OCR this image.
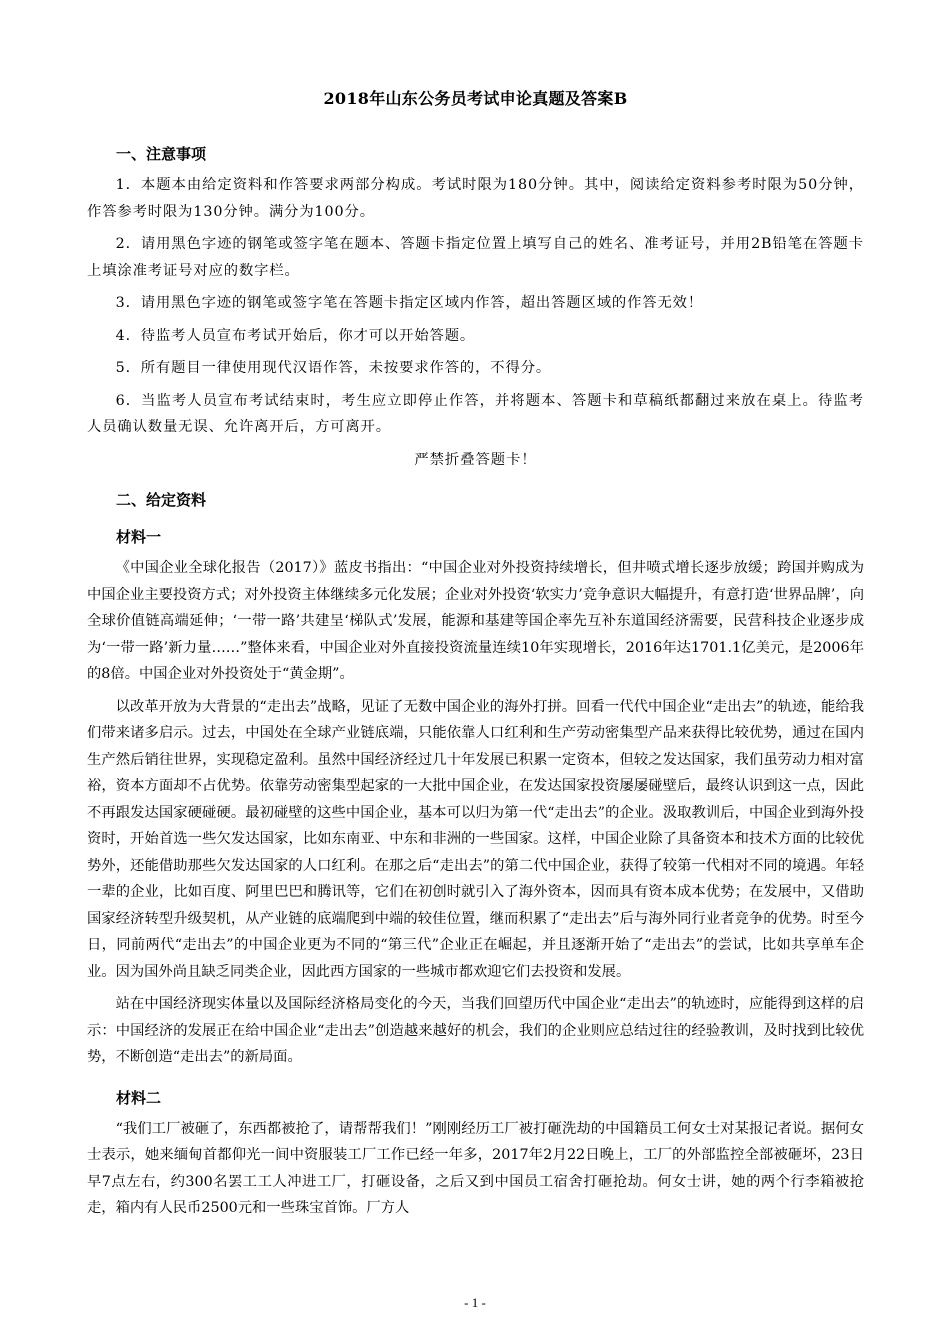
2018年山东公务员考试申论真题及答案B
一、注意事项

1．本题本由给定资料和作答要求两部分构成。考试时限为180分钟。其中，阅读给定资料参考时限为50分钟，作答参考时限为130分钟。满分为100分。

2．请用黑色字迹的钢笔或签字笔在题本、答题卡指定位置上填写自己的姓名、准考证号，并用2B铅笔在答题卡上填涂准考证号对应的数字栏。

3．请用黑色字迹的钢笔或签字笔在答题卡指定区域内作答，超出答题区域的作答无效！

4．待监考人员宣布考试开始后，你才可以开始答题。

5．所有题目一律使用现代汉语作答，未按要求作答的，不得分。

6．当监考人员宣布考试结束时，考生应立即停止作答，并将题本、答题卡和草稿纸都翻过来放在桌上。待监考人员确认数量无误、允许离开后，方可离开。

严禁折叠答题卡！
二、给定资料
材料一

《中国企业全球化报告（2017）》蓝皮书指出：“中国企业对外投资持续增长，但井喷式增长逐步放缓；跨国并购成为中国企业主要投资方式；对外投资主体继续多元化发展；企业对外投资‘软实力’竞争意识大幅提升，有意打造‘世界品牌’，向全球价值链高端延伸；‘一带一路’共建呈‘梯队式’发展，能源和基建等国企率先互补东道国经济需要，民营科技企业逐步成为‘一带一路’新力量……”整体来看，中国企业对外直接投资流量连续10年实现增长，2016年达1701.1亿美元，是2006年的8倍。中国企业对外投资处于“黄金期”。

以改革开放为大背景的“走出去”战略，见证了无数中国企业的海外打拼。回看一代代中国企业“走出去”的轨迹，能给我们带来诸多启示。过去，中国处在全球产业链底端，只能依靠人口红利和生产劳动密集型产品来获得比较优势，通过在国内生产然后销往世界，实现稳定盈利。虽然中国经济经过几十年发展已积累一定资本，但较之发达国家，我们虽劳动力相对富裕，资本方面却不占优势。依靠劳动密集型起家的一大批中国企业，在发达国家投资屡屡碰壁后，最终认识到这一点，因此不再跟发达国家硬碰硬。最初碰壁的这些中国企业，基本可以归为第一代“走出去”的企业。汲取教训后，中国企业到海外投资时，开始首选一些欠发达国家，比如东南亚、中东和非洲的一些国家。这样，中国企业除了具备资本和技术方面的比较优势外，还能借助那些欠发达国家的人口红利。在那之后“走出去”的第二代中国企业，获得了较第一代相对不同的境遇。年轻一辈的企业，比如百度、阿里巴巴和腾讯等，它们在初创时就引入了海外资本，因而具有资本成本优势；在发展中，又借助国家经济转型升级契机，从产业链的底端爬到中端的较佳位置，继而积累了“走出去”后与海外同行业者竞争的优势。时至今日，同前两代“走出去”的中国企业更为不同的“第三代”企业正在崛起，并且逐渐开始了“走出去”的尝试，比如共享单车企业。因为国外尚且缺乏同类企业，因此西方国家的一些城市都欢迎它们去投资和发展。

站在中国经济现实体量以及国际经济格局变化的今天，当我们回望历代中国企业“走出去”的轨迹时，应能得到这样的启示：中国经济的发展正在给中国企业“走出去”创造越来越好的机会，我们的企业则应总结过往的经验教训，及时找到比较优势，不断创造“走出去”的新局面。

材料二

“我们工厂被砸了，东西都被抢了，请帮帮我们！”刚刚经历工厂被打砸洗劫的中国籍员工何女士对某报记者说。据何女士表示，她来缅甸首都仰光一间中资服装工厂工作已经一年多，2017年2月22日晚上，工厂的外部监控全部被砸坏，23日早7点左右，约300名罢工工人冲进工厂，打砸设备，之后又到中国员工宿舍打砸抢劫。何女士讲，她的两个行李箱被抢走，箱内有人民币2500元和一些珠宝首饰。厂方人

- 1 -
